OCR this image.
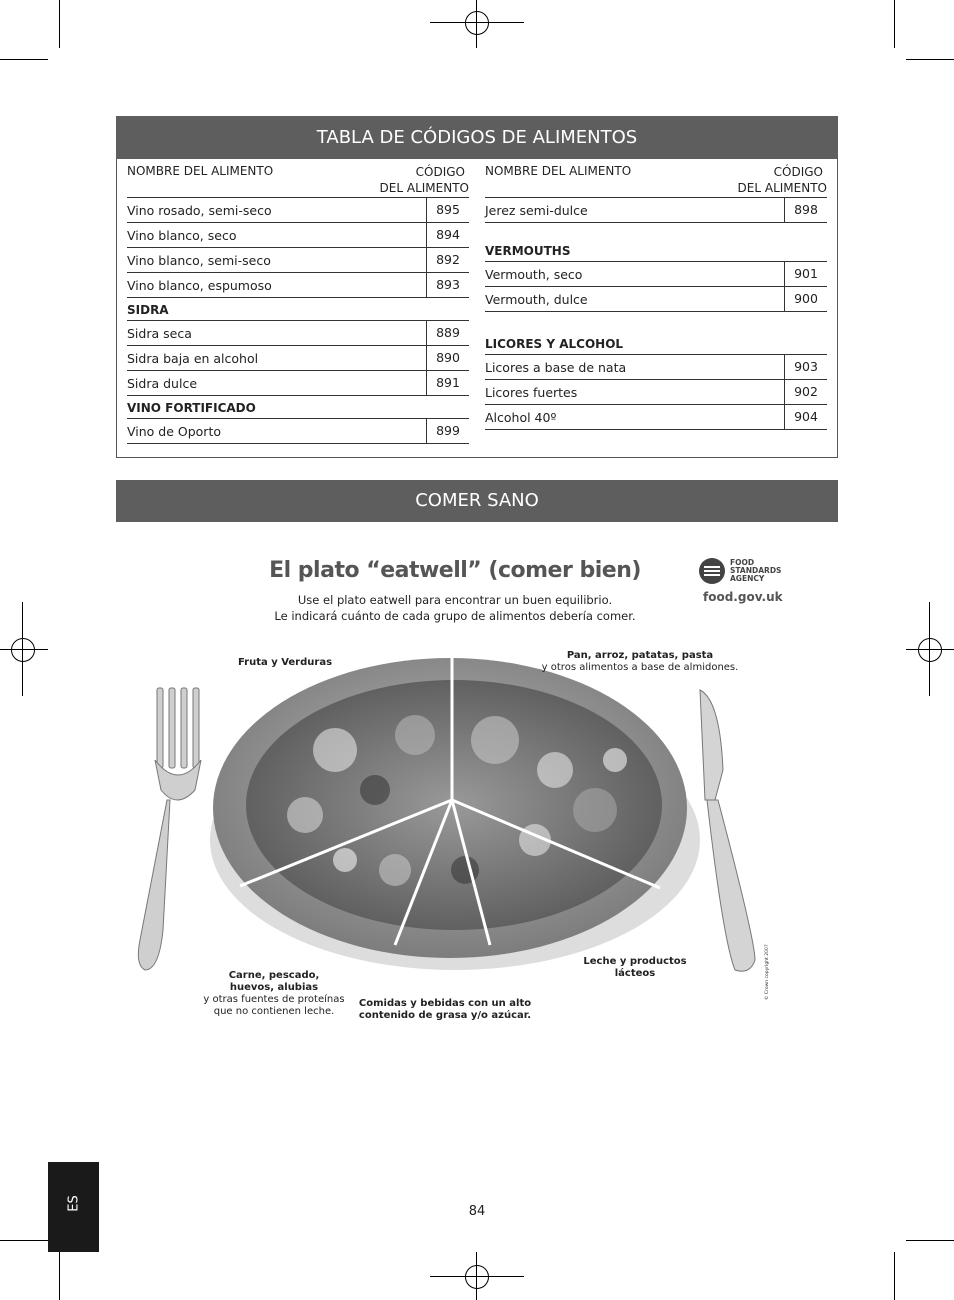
TABLA DE CÓDIGOS DE ALIMENTOS
NOMBRE DEL ALIMENTO	CÓDIGO
DEL ALIMENTO
Vino rosado, semi-seco	895
Vino blanco, seco	894
Vino blanco, semi-seco	892
Vino blanco, espumoso	893
SIDRA
Sidra seca	889
Sidra baja en alcohol	890
Sidra dulce	891
VINO FORTIFICADO
Vino de Oporto	899
NOMBRE DEL ALIMENTO	CÓDIGO
DEL ALIMENTO
Jerez semi-dulce	898
VERMOUTHS
Vermouth, seco	901
Vermouth, dulce	900
LICORES Y ALCOHOL
Licores a base de nata	903
Licores fuertes	902
Alcohol 40º	904
COMER SANO
El plato “eatwell” (comer bien)
Use el plato eatwell para encontrar un buen equilibrio.
Le indicará cuánto de cada grupo de alimentos debería comer.
FOOD
STANDARDS
AGENCY
food.gov.uk
Fruta y Verduras
Pan, arroz, patatas, pasta
y otros alimentos a base de almidones.
Carne, pescado,
huevos, alubias
y otras fuentes de proteínas
que no contienen leche.
Comidas y bebidas con un alto
contenido de grasa y/o azúcar.
Leche y productos
lácteos	© Crown copyright 2007
84
ES
